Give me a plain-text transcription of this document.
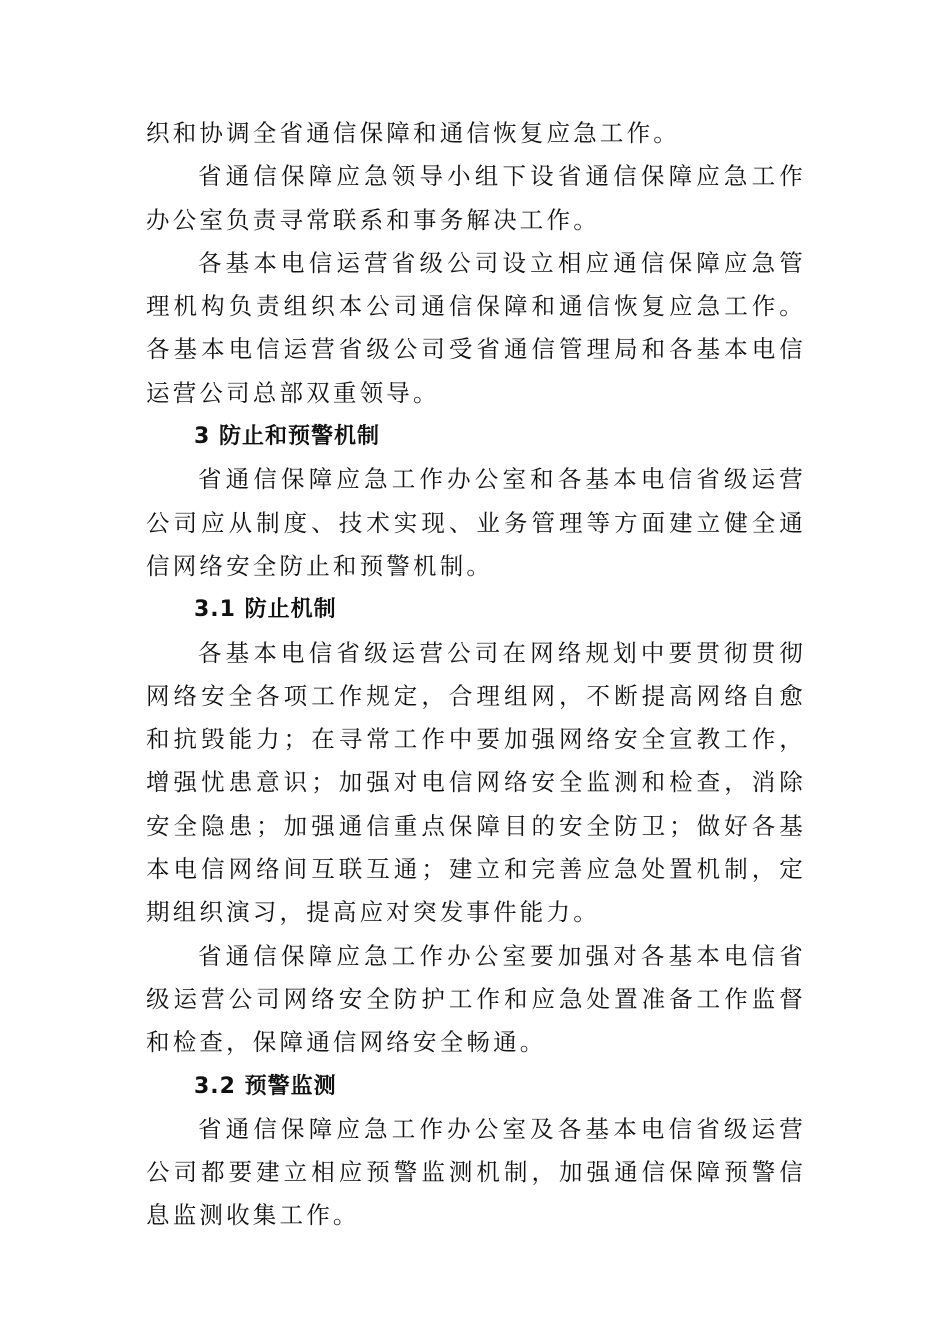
织和协调全省通信保障和通信恢复应急工作。

省通信保障应急领导小组下设省通信保障应急工作办公室负责寻常联系和事务解决工作。

各基本电信运营省级公司设立相应通信保障应急管理机构负责组织本公司通信保障和通信恢复应急工作。各基本电信运营省级公司受省通信管理局和各基本电信运营公司总部双重领导。

3 防止和预警机制

省通信保障应急工作办公室和各基本电信省级运营公司应从制度、技术实现、业务管理等方面建立健全通信网络安全防止和预警机制。

3.1 防止机制

各基本电信省级运营公司在网络规划中要贯彻贯彻网络安全各项工作规定，合理组网，不断提高网络自愈和抗毁能力；在寻常工作中要加强网络安全宣教工作，增强忧患意识；加强对电信网络安全监测和检查，消除安全隐患；加强通信重点保障目的安全防卫；做好各基本电信网络间互联互通；建立和完善应急处置机制，定期组织演习，提高应对突发事件能力。

省通信保障应急工作办公室要加强对各基本电信省级运营公司网络安全防护工作和应急处置准备工作监督和检查，保障通信网络安全畅通。

3.2 预警监测

省通信保障应急工作办公室及各基本电信省级运营公司都要建立相应预警监测机制，加强通信保障预警信息监测收集工作。
